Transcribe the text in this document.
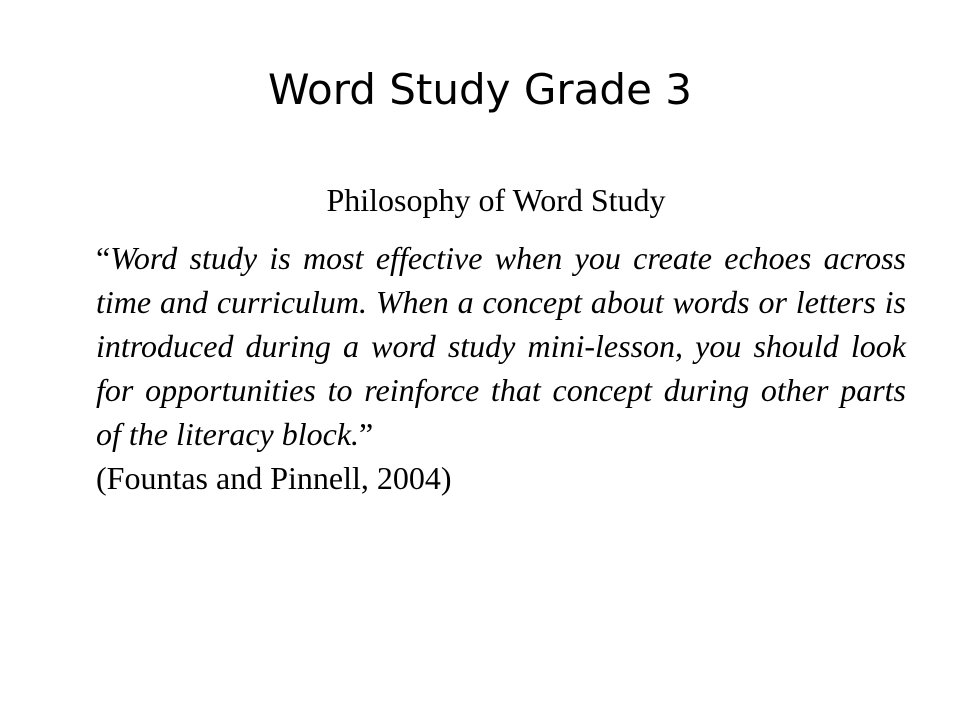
Word Study Grade 3
Philosophy of Word Study

“Word study is most effective when you create echoes across time and curriculum. When a concept about words or letters is introduced during a word study mini-lesson, you should look for opportunities to reinforce that concept during other parts of the literacy block.”
(Fountas and Pinnell, 2004)
